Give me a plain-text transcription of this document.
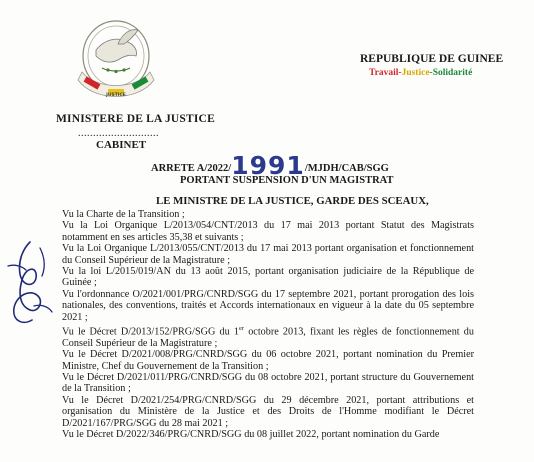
JUSTICE
MINISTERE DE LA JUSTICE
...........................
CABINET
REPUBLIQUE DE GUINEE
Travail-Justice-Solidarité
ARRETE A/2022/1991/MJDH/CAB/SGG
PORTANT SUSPENSION D'UN MAGISTRAT
LE MINISTRE DE LA JUSTICE, GARDE DES SCEAUX,

Vu la Charte de la Transition ;

Vu la Loi Organique L/2013/054/CNT/2013 du 17 mai 2013 portant Statut des Magistrats notamment en ses articles 35,38 et suivants ;

Vu la Loi Organique L/2013/055/CNT/2013 du 17 mai 2013 portant organisation et fonctionnement du Conseil Supérieur de la Magistrature ;

Vu la loi L/2015/019/AN du 13 août 2015, portant organisation judiciaire de la République de Guinée ;

Vu l'ordonnance O/2021/001/PRG/CNRD/SGG du 17 septembre 2021, portant prorogation des lois nationales, des conventions, traités et Accords internationaux en vigueur à la date du 05 septembre 2021 ;

Vu le Décret D/2013/152/PRG/SGG du 1er octobre 2013, fixant les règles de fonctionnement du Conseil Supérieur de la Magistrature ;

Vu le Décret D/2021/008/PRG/CNRD/SGG du 06 octobre 2021, portant nomination du Premier Ministre, Chef du Gouvernement de la Transition ;

Vu le Décret D/2021/011/PRG/CNRD/SGG du 08 octobre 2021, portant structure du Gouvernement de la Transition ;

Vu le Décret D/2021/254/PRG/CNRD/SGG du 29 décembre 2021, portant attributions et organisation du Ministère de la Justice et des Droits de l'Homme modifiant le Décret D/2021/167/PRG/SGG du 28 mai 2021 ;

Vu le Décret D/2022/346/PRG/CNRD/SGG du 08 juillet 2022, portant nomination du Garde
